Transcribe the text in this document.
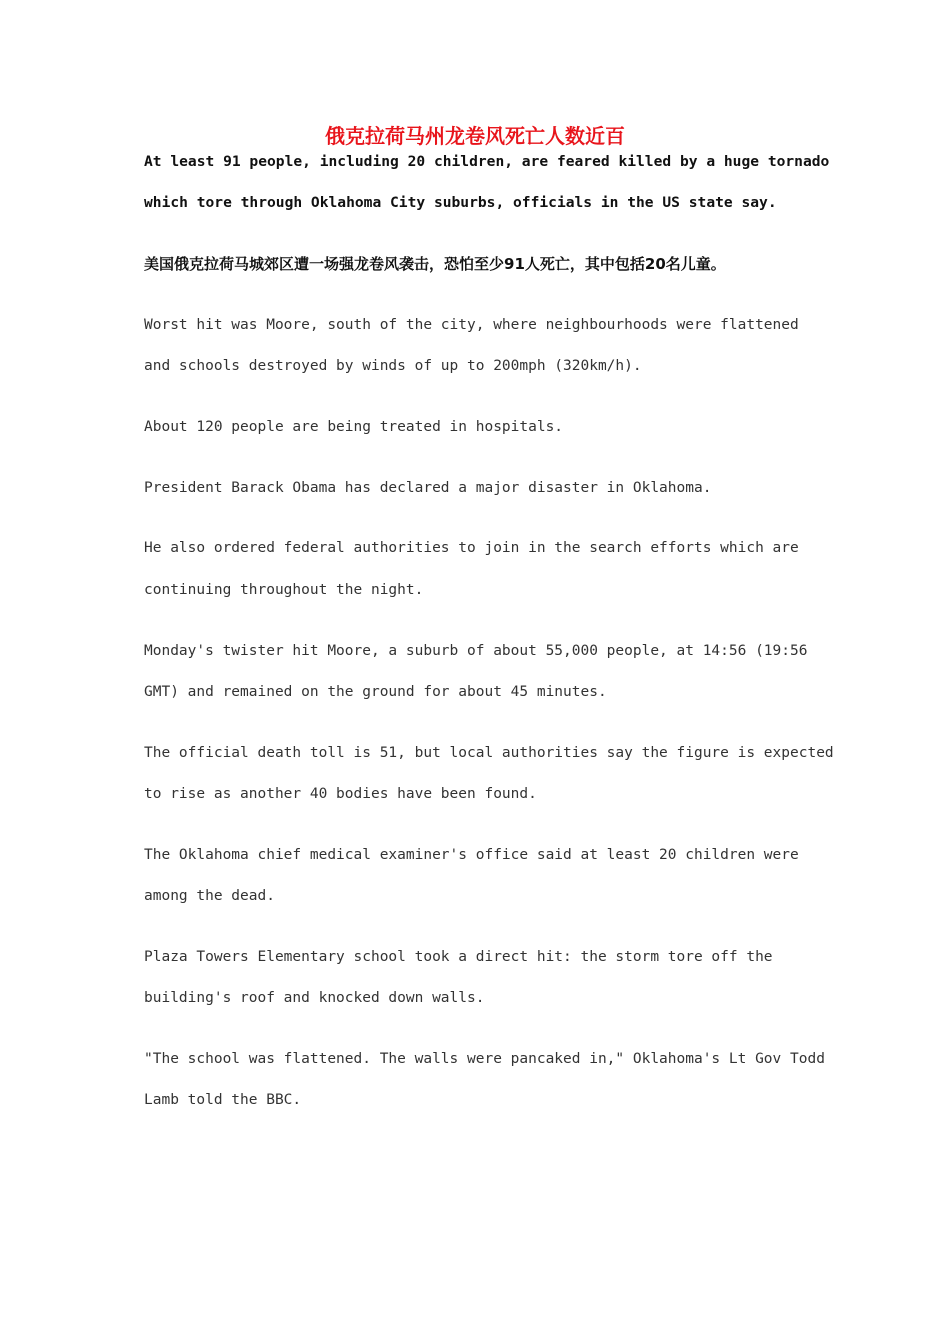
俄克拉荷马州龙卷风死亡人数近百

At least 91 people, including 20 children, are feared killed by a huge tornado

which tore through Oklahoma City suburbs, officials in the US state say.

美国俄克拉荷马城郊区遭一场强龙卷风袭击，恐怕至少91人死亡，其中包括20名儿童。

Worst hit was Moore, south of the city, where neighbourhoods were flattened

and schools destroyed by winds of up to 200mph (320km/h).

About 120 people are being treated in hospitals.

President Barack Obama has declared a major disaster in Oklahoma.

He also ordered federal authorities to join in the search efforts which are

continuing throughout the night.

Monday's twister hit Moore, a suburb of about 55,000 people, at 14:56 (19:56

GMT) and remained on the ground for about 45 minutes.

The official death toll is 51, but local authorities say the figure is expected

to rise as another 40 bodies have been found.

The Oklahoma chief medical examiner's office said at least 20 children were

among the dead.

Plaza Towers Elementary school took a direct hit: the storm tore off the

building's roof and knocked down walls.

"The school was flattened. The walls were pancaked in," Oklahoma's Lt Gov Todd

Lamb told the BBC.
